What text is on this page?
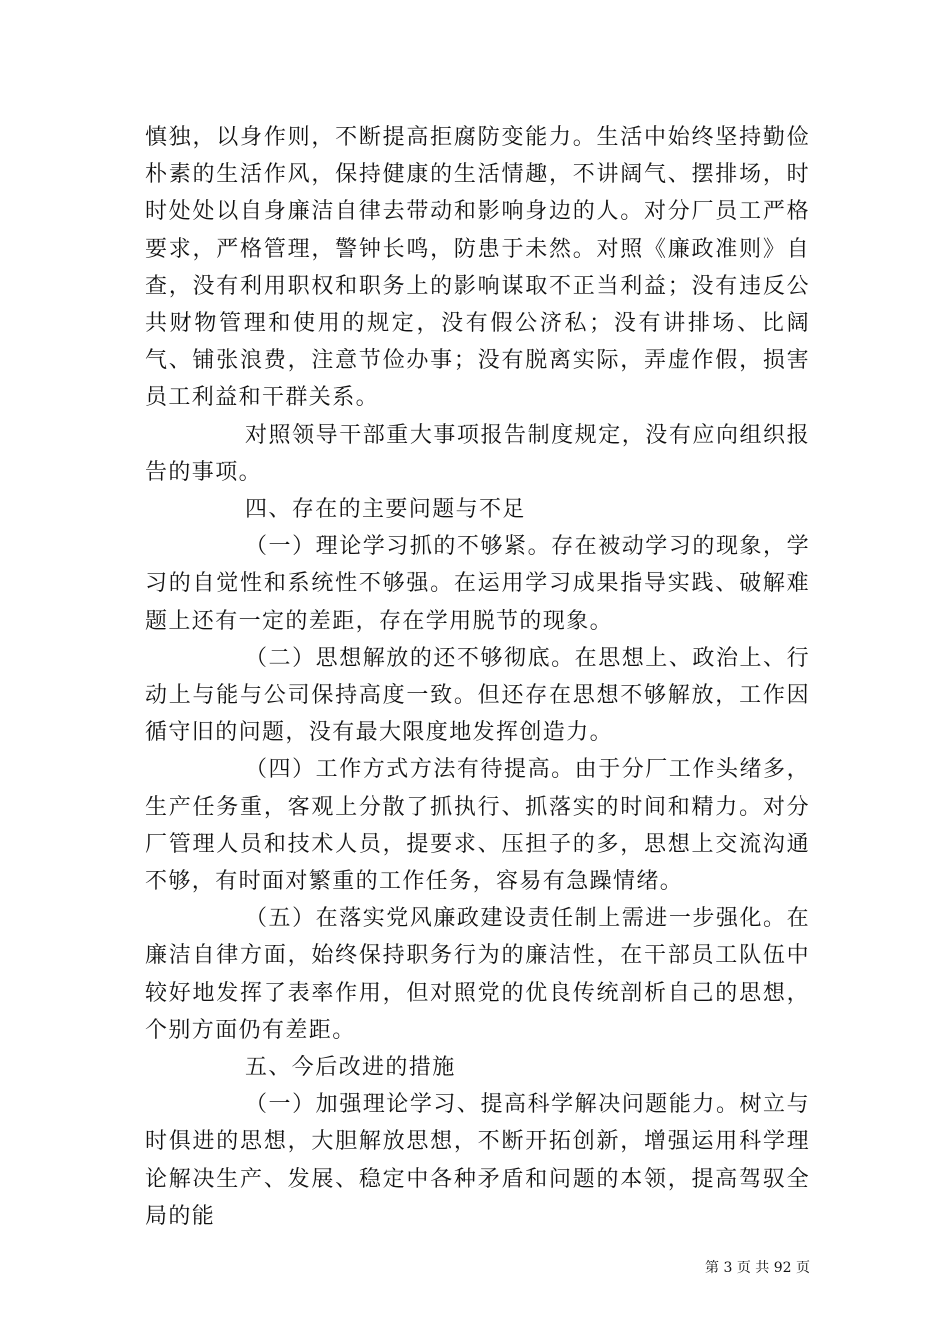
慎独，以身作则，不断提高拒腐防变能力。生活中始终坚持勤俭朴素的生活作风，保持健康的生活情趣，不讲阔气、摆排场，时时处处以自身廉洁自律去带动和影响身边的人。对分厂员工严格要求，严格管理，警钟长鸣，防患于未然。对照《廉政准则》自查，没有利用职权和职务上的影响谋取不正当利益；没有违反公共财物管理和使用的规定，没有假公济私；没有讲排场、比阔气、铺张浪费，注意节俭办事；没有脱离实际，弄虚作假，损害员工利益和干群关系。

对照领导干部重大事项报告制度规定，没有应向组织报告的事项。

四、存在的主要问题与不足

（一）理论学习抓的不够紧。存在被动学习的现象，学习的自觉性和系统性不够强。在运用学习成果指导实践、破解难题上还有一定的差距，存在学用脱节的现象。

（二）思想解放的还不够彻底。在思想上、政治上、行动上与能与公司保持高度一致。但还存在思想不够解放，工作因循守旧的问题，没有最大限度地发挥创造力。

（四）工作方式方法有待提高。由于分厂工作头绪多，生产任务重，客观上分散了抓执行、抓落实的时间和精力。对分厂管理人员和技术人员，提要求、压担子的多，思想上交流沟通不够，有时面对繁重的工作任务，容易有急躁情绪。

（五）在落实党风廉政建设责任制上需进一步强化。在廉洁自律方面，始终保持职务行为的廉洁性，在干部员工队伍中较好地发挥了表率作用，但对照党的优良传统剖析自己的思想，个别方面仍有差距。

五、今后改进的措施

（一）加强理论学习、提高科学解决问题能力。树立与时俱进的思想，大胆解放思想，不断开拓创新，增强运用科学理论解决生产、发展、稳定中各种矛盾和问题的本领，提高驾驭全局的能

第 3 页 共 92 页
